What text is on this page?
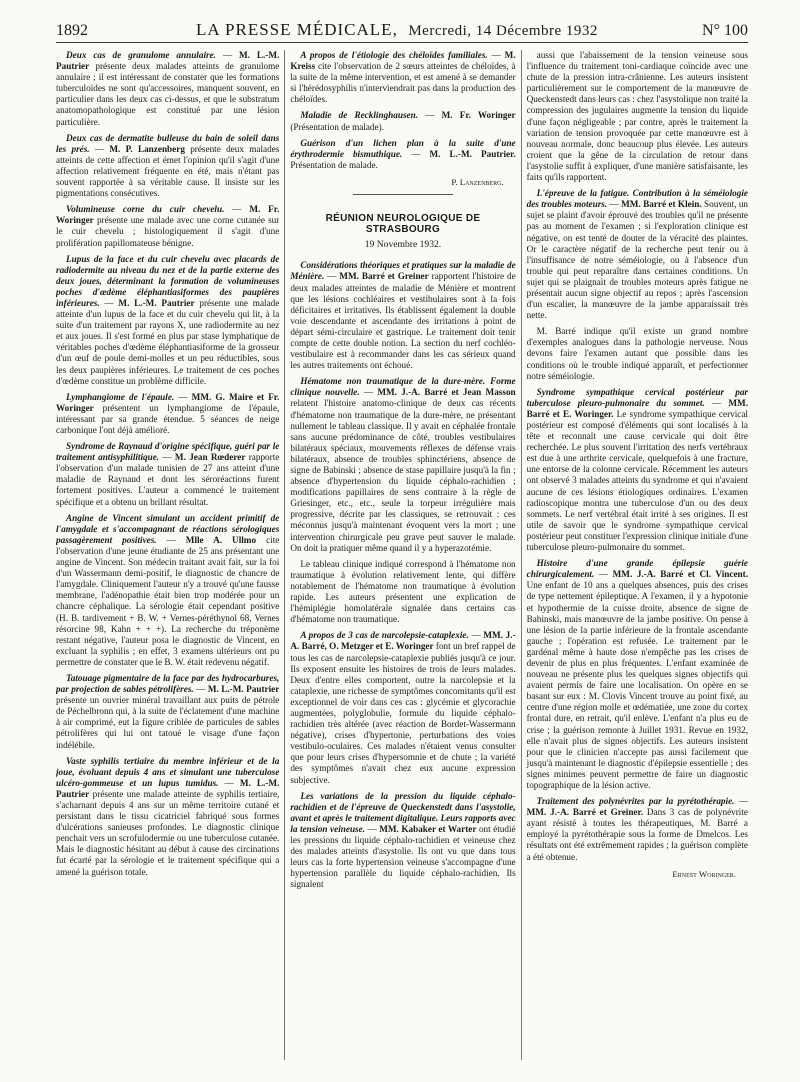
1892	LA PRESSE MÉDICALE, Mercredi, 14 Décembre 1932	N° 100

Deux cas de granulome annulaire. — M. L.-M. Pautrier présente deux malades atteints de granulome annulaire ; il est intéressant de constater que les formations tuberculoïdes ne sont qu'accessoires, manquent souvent, en particulier dans les deux cas ci-dessus, et que le substratum anatomopathologique est constitué par une lésion particulière.

Deux cas de dermatite bulleuse du bain de soleil dans les prés. — M. P. Lanzenberg présente deux malades atteints de cette affection et émet l'opinion qu'il s'agit d'une affection relativement fréquente en été, mais n'étant pas souvent rapportée à sa véritable cause. Il insiste sur les pigmentations consécutives.

Volumineuse corne du cuir chevelu. — M. Fr. Woringer présente une malade avec une corne cutanée sur le cuir chevelu ; histologiquement il s'agit d'une prolifération papillomateuse bénigne.

Lupus de la face et du cuir chevelu avec placards de radiodermite au niveau du nez et de la partie externe des deux joues, déterminant la formation de volumineuses poches d'œdème éléphantiasiformes des paupières inférieures. — M. L.-M. Pautrier présente une malade atteinte d'un lupus de la face et du cuir chevelu qui lit, à la suite d'un traitement par rayons X, une radiodermite au nez et aux joues. Il s'est formé en plus par stase lymphatique de véritables poches d'œdème éléphantiasiforme de la grosseur d'un œuf de poule demi-molles et un peu réductibles, sous les deux paupières inférieures. Le traitement de ces poches d'œdème constitue un problème difficile.

Lymphangiome de l'épaule. — MM. G. Maire et Fr. Woringer présentent un lymphangiome de l'épaule, intéressant par sa grande étendue. 5 séances de neige carbonique l'ont déjà amélioré.

Syndrome de Raynaud d'origine spécifique, guéri par le traitement antisyphilitique. — M. Jean Rœderer rapporte l'observation d'un malade tunisien de 27 ans atteint d'une maladie de Raynaud et dont les séroréactions furent fortement positives. L'auteur a commencé le traitement spécifique et a obtenu un brillant résultat.

Angine de Vincent simulant un accident primitif de l'amygdale et s'accompagnant de réactions sérologiques passagèrement positives. — Mlle A. Ullmo cite l'observation d'une jeune étudiante de 25 ans présentant une angine de Vincent. Son médecin traitant avait fait, sur la foi d'un Wassermann demi-positif, le diagnostic de chancre de l'amygdale. Cliniquement l'auteur n'y a trouvé qu'une fausse membrane, l'adénopathie était bien trop modérée pour un chancre céphalique. La sérologie était cependant positive (H. B. tardivement + B. W. + Vernes-péréthynol 68, Vernes résorcine 98, Kahn + + +). La recherche du tréponème restant négative, l'auteur posa le diagnostic de Vincent, en excluant la syphilis ; en effet, 3 examens ultérieurs ont pu permettre de constater que le B. W. était redevenu négatif.

Tatouage pigmentaire de la face par des hydrocarbures, par projection de sables pétrolifères. — M. L.-M. Pautrier présente un ouvrier minéral travaillant aux puits de pétrole de Péchelbronn qui, à la suite de l'éclatement d'une machine à air comprimé, eut la figure criblée de particules de sables pétrolifères qui lui ont tatoué le visage d'une façon indélébile.

Vaste syphilis tertiaire du membre inférieur et de la joue, évoluant depuis 4 ans et simulant une tuberculose ulcéro-gommeuse et un lupus tumidus. — M. L.-M. Pautrier présente une malade atteinte de syphilis tertiaire, s'acharnant depuis 4 ans sur un même territoire cutané et persistant dans le tissu cicatriciel fabriqué sous formes d'ulcérations sanieuses profondes. Le diagnostic clinique penchait vers un scrofulodermie ou une tuberculose cutanée. Mais le diagnostic hésitant au début à cause des circinations fut écarté par la sérologie et le traitement spécifique qui a amené la guérison totale.

A propos de l'étiologie des chéloïdes familiales. — M. Kreiss cite l'observation de 2 sœurs atteintes de chéloïdes, à la suite de la même intervention, et est amené à se demander si l'hérédosyphilis n'interviendrait pas dans la production des chéloïdes.

Maladie de Recklinghausen. — M. Fr. Woringer (Présentation de malade).

Guérison d'un lichen plan à la suite d'une érythrodermie bismuthique. — M. L.-M. Pautrier. Présentation de malade.

P. Lanzenberg.
RÉUNION NEUROLOGIQUE DE STRASBOURG
19 Novembre 1932.

Considérations théoriques et pratiques sur la maladie de Ménière. — MM. Barré et Greiner rapportent l'histoire de deux malades atteintes de maladie de Ménière et montrent que les lésions cochléaires et vestibulaires sont à la fois déficitaires et irritatives. Ils établissent également la double voie descendante et ascendante des irritations à point de départ sémi-circulaire et gastrique. Le traitement doit tenir compte de cette double notion. La section du nerf cochléo-vestibulaire est à recommander dans les cas sérieux quand les autres traitements ont échoué.

Hématome non traumatique de la dure-mère. Forme clinique nouvelle. — MM. J.-A. Barré et Jean Masson relatent l'histoire anatomo-clinique de deux cas récents d'hématome non traumatique de la dure-mère, ne présentant nullement le tableau classique. Il y avait en céphalée frontale sans aucune prédominance de côté, troubles vestibulaires bilatéraux spéciaux, mouvements réflexes de défense vrais bilatéraux, absence de troubles sphinctériens, absence de signe de Babinski ; absence de stase papillaire jusqu'à la fin ; absence d'hypertension du liquide céphalo-rachidien ; modifications papillaires de sens contraire à la règle de Griesinger, etc., etc., seule la torpeur irrégulière mais progressive, décrite par les classiques, se retrouvait : ces méconnus jusqu'à maintenant évoquent vers la mort ; une intervention chirurgicale peu grave peut sauver le malade. On doit la pratiquer même quand il y a hyperazotémie.

Le tableau clinique indiqué correspond à l'hématome non traumatique à évolution relativement lente, qui diffère notablement de l'hématome non traumatique à évolution rapide. Les auteurs présentent une explication de l'hémiplégie homolatérale signalée dans certains cas d'hématome non traumatique.

A propos de 3 cas de narcolepsie-cataplexie. — MM. J.-A. Barré, O. Metzger et E. Woringer font un bref rappel de tous les cas de narcolepsie-cataplexie publiés jusqu'à ce jour. Ils exposent ensuite les histoires de trois de leurs malades. Deux d'entre elles comportent, outre la narcolepsie et la cataplexie, une richesse de symptômes concomitants qu'il est exceptionnel de voir dans ces cas : glycémie et glycorachie augmentées, polyglobulie, formule du liquide céphalo-rachidien très altérée (avec réaction de Bordet-Wassermann négative), crises d'hypertonie, perturbations des voies vestibulo-oculaires. Ces malades n'étaient venus consulter que pour leurs crises d'hypersomnie et de chute ; la variété des symptômes n'avait chez eux aucune expression subjective.

Les variations de la pression du liquide céphalo-rachidien et de l'épreuve de Queckenstedt dans l'asystolie, avant et après le traitement digitalique. Leurs rapports avec la tension veineuse. — MM. Kabaker et Warter ont étudié les pressions du liquide céphalo-rachidien et veineuse chez des malades atteints d'asystolie. Ils ont vu que dans tous leurs cas la forte hypertension veineuse s'accompagne d'une hypertension parallèle du liquide céphalo-rachidien. Ils signalent

aussi que l'abaissement de la tension veineuse sous l'influence du traitement toni-cardiaque coïncide avec une chute de la pression intra-crânienne. Les auteurs insistent particulièrement sur le comportement de la manœuvre de Queckenstedt dans leurs cas : chez l'asystolique non traité la compression des jugulaires augmente la tension du liquide d'une façon négligeable ; par contre, après le traitement la variation de tension provoquée par cette manœuvre est à nouveau normale, donc beaucoup plus élevée. Les auteurs croient que la gêne de la circulation de retour dans l'asystolie suffit à expliquer, d'une manière satisfaisante, les faits qu'ils rapportent.

L'épreuve de la fatigue. Contribution à la séméiologie des troubles moteurs. — MM. Barré et Klein. Souvent, un sujet se plaint d'avoir éprouvé des troubles qu'il ne présente pas au moment de l'examen ; si l'exploration clinique est négative, on est tenté de douter de la véracité des plaintes. Or le caractère négatif de la recherche peut tenir ou à l'insuffisance de notre séméiologie, ou à l'absence d'un trouble qui peut reparaître dans certaines conditions. Un sujet qui se plaignait de troubles moteurs après fatigue ne présentait aucun signe objectif au repos ; après l'ascension d'un escalier, la manœuvre de la jambe apparaissait très nette.

M. Barré indique qu'il existe un grand nombre d'exemples analogues dans la pathologie nerveuse. Nous devons faire l'examen autant que possible dans les conditions où le trouble indiqué apparaît, et perfectionner notre séméiologie.

Syndrome sympathique cervical postérieur par tuberculose pleuro-pulmonaire du sommet. — MM. Barré et E. Woringer. Le syndrome sympathique cervical postérieur est composé d'éléments qui sont localisés à la tête et reconnaît une cause cervicale qui doit être recherchée. Le plus souvent l'irritation des nerfs vertébraux est due à une arthrite cervicale, quelquefois à une fracture, une entorse de la colonne cervicale. Récemment les auteurs ont observé 3 malades atteints du syndrome et qui n'avaient aucune de ces lésions étiologiques ordinaires. L'examen radioscopique montra une tuberculose d'un ou des deux sommets. Le nerf vertébral était irrité à ses origines. Il est utile de savoir que le syndrome sympathique cervical postérieur peut constituer l'expression clinique initiale d'une tuberculose pleuro-pulmonaire du sommet.

Histoire d'une grande épilepsie guérie chirurgicalement. — MM. J.-A. Barré et Cl. Vincent. Une enfant de 10 ans a quelques absences, puis des crises de type nettement épileptique. A l'examen, il y a hypotonie et hypothermie de la cuisse droite, absence de signe de Babinski, mais manœuvre de la jambe positive. On pense à une lésion de la partie inférieure de la frontale ascendante gauche ; l'opération est refusée. Le traitement par le gardénal même à haute dose n'empêche pas les crises de devenir de plus en plus fréquentes. L'enfant examinée de nouveau ne présente plus les quelques signes objectifs qui avaient permis de faire une localisation. On opère en se basant sur eux : M. Clovis Vincent trouve au point fixé, au centre d'une région molle et œdématiée, une zone du cortex frontal dure, en retrait, qu'il enlève. L'enfant n'a plus eu de crise ; la guérison remonte à Juillet 1931. Revue en 1932, elle n'avait plus de signes objectifs. Les auteurs insistent pour que le clinicien n'accepte pas aussi facilement que jusqu'à maintenant le diagnostic d'épilepsie essentielle ; des signes minimes peuvent permettre de faire un diagnostic topographique de la lésion active.

Traitement des polynévrites par la pyrétothérapie. — MM. J.-A. Barré et Greiner. Dans 3 cas de polynévrite ayant résisté à toutes les thérapeutiques, M. Barré a employé la pyrétothérapie sous la forme de Dmelcos. Les résultats ont été extrêmement rapides ; la guérison complète a été obtenue.

Ernest Woringer.
